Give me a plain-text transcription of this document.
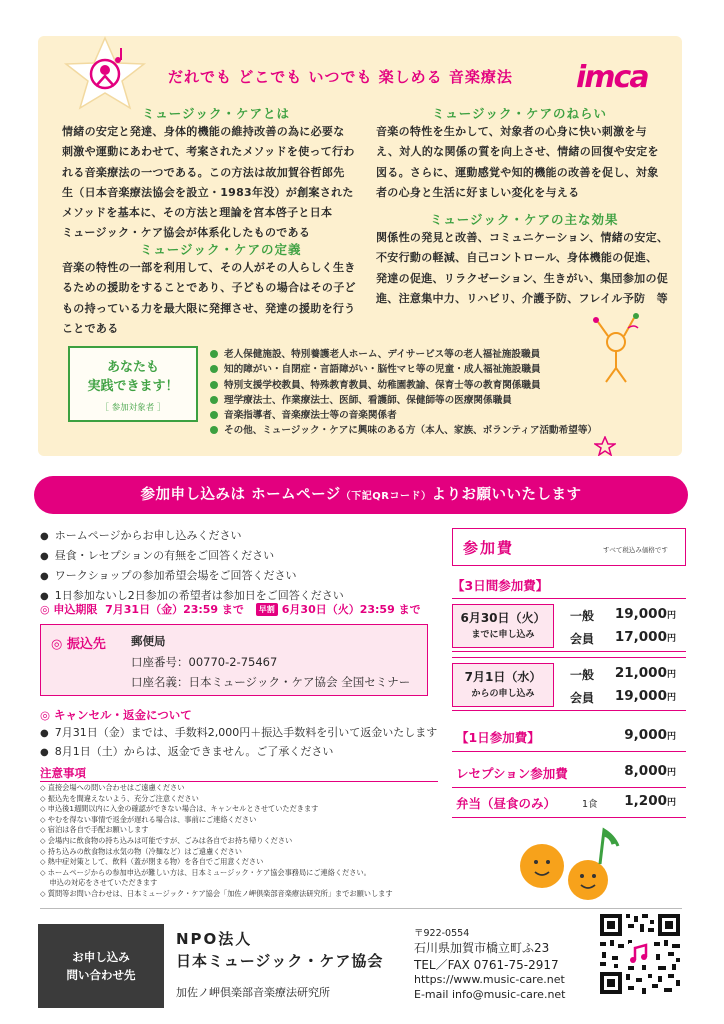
imca
だれでも どこでも いつでも 楽しめる 音楽療法
ミュージック・ケアとは
情緒の安定と発達、身体的機能の維持改善の為に必要な
刺激や運動にあわせて、考案されたメソッドを使って行わ
れる音楽療法の一つである。この方法は故加賀谷哲郎先
生（日本音楽療法協会を設立・1983年没）が創案された
メソッドを基本に、その方法と理論を宮本啓子と日本
ミュージック・ケア協会が体系化したものである
ミュージック・ケアのねらい
音楽の特性を生かして、対象者の心身に快い刺激を与
え、対人的な関係の質を向上させ、情緒の回復や安定を
図る。さらに、運動感覚や知的機能の改善を促し、対象
者の心身と生活に好ましい変化を与える
ミュージック・ケアの定義
音楽の特性の一部を利用して、その人がその人らしく生き
るための援助をすることであり、子どもの場合はその子ど
もの持っている力を最大限に発揮させ、発達の援助を行う
ことである
ミュージック・ケアの主な効果
関係性の発見と改善、コミュニケーション、情緒の安定、
不安行動の軽減、自己コントロール、身体機能の促進、
発達の促進、リラクゼーション、生きがい、集団参加の促
進、注意集中力、リハビリ、介護予防、フレイル予防　等
あなたも
実践できます！
［ 参加対象者 ］
老人保健施設、特別養護老人ホーム、デイサービス等の老人福祉施設職員
知的障がい・自閉症・言語障がい・脳性マヒ等の児童・成人福祉施設職員
特別支援学校教員、特殊教育教員、幼稚園教諭、保育士等の教育関係職員
理学療法士、作業療法士、医師、看護師、保健師等の医療関係職員
音楽指導者、音楽療法士等の音楽関係者
その他、ミュージック・ケアに興味のある方（本人、家族、ボランティア活動希望等）
参加申し込みは ホームページ（下記QRコード）よりお願いいたします
● ホームページからお申し込みください
● 昼食・レセプションの有無をご回答ください
● ワークショップの参加希望会場をご回答ください
● 1日参加ないし2日参加の希望者は参加日をご回答ください
◎ 申込期限 7月31日（金）23:59 まで 早割 6月30日（火）23:59 まで
◎ 振込先 郵便局
口座番号：00770-2-75467
口座名義：日本ミュージック・ケア協会 全国セミナー
◎ キャンセル・返金について
● 7月31日（金）までは、手数料2,000円＋振込手数料を引いて返金いたします
● 8月1日（土）からは、返金できません。ご了承ください
注意事項
◇ 直接会場への問い合わせはご遠慮ください
◇ 振込先を間違えないよう、充分ご注意ください
◇ 申込後1週間以内に入金の確認ができない場合は、キャンセルとさせていただきます
◇ やむを得ない事情で返金が遅れる場合は、事前にご連絡ください
◇ 宿泊は各自で手配お願いします
◇ 会場内に飲食物の持ち込みは可能ですが、ごみは各自でお持ち帰りください
◇ 持ち込みの飲食物は水気の物（冷麺など）はご遠慮ください
◇ 熱中症対策として、飲料（蓋が閉まる物）を各自でご用意ください
◇ ホームページからの参加申込が難しい方は、日本ミュージック・ケア協会事務局にご連絡ください。
　 申込の対応をさせていただきます
◇ 質問等お問い合わせは、日本ミュージック・ケア協会「加佐ノ岬倶楽部音楽療法研究所」までお願いします
参加費	すべて税込み価格です
【3日間参加費】
6月30日（火）
までに申し込み
一般 19,000円
会員 17,000円
7月1日（水）
からの申し込み
一般 21,000円
会員 19,000円
【1日参加費】	9,000円
レセプション参加費	8,000円
弁当（昼食のみ）	1食 1,200円
お申し込み
問い合わせ先
NPO法人
日本ミュージック・ケア協会
加佐ノ岬倶楽部音楽療法研究所
〒922-0554
石川県加賀市橋立町ふ23
TEL／FAX 0761-75-2917
https://www.music-care.net
E-mail info@music-care.net
